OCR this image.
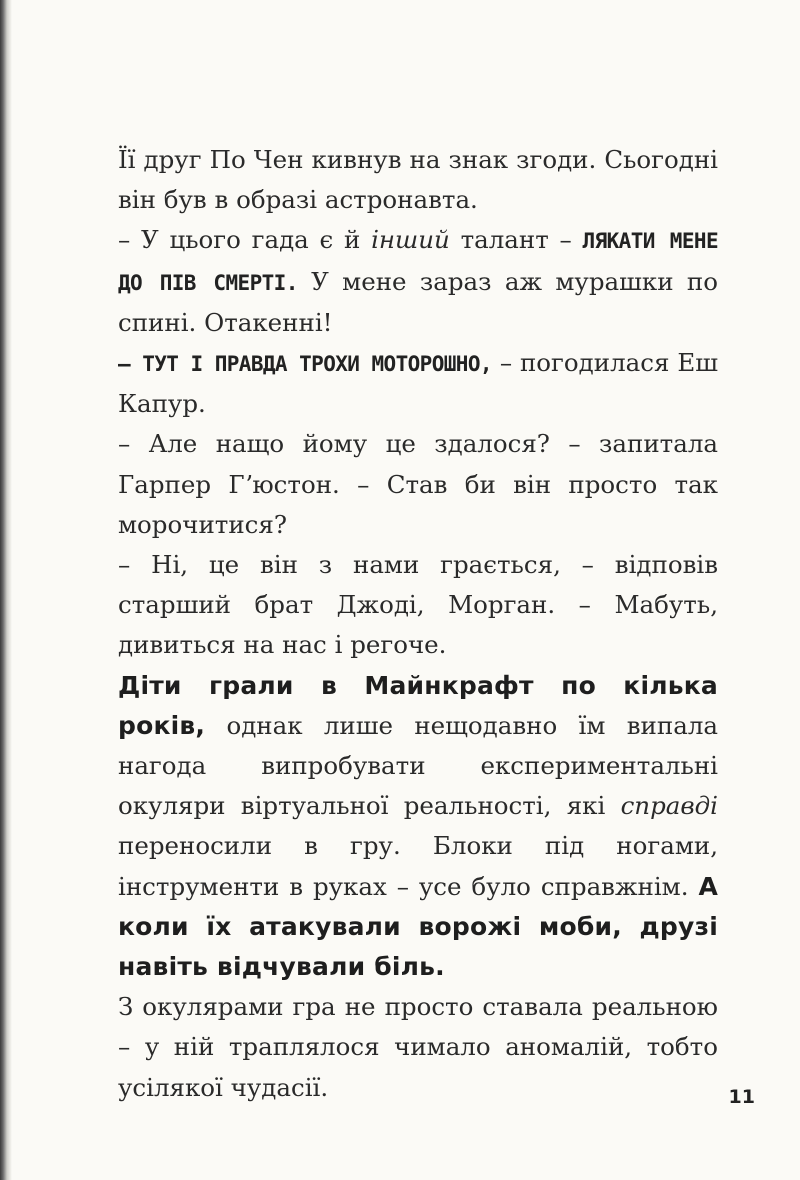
Її друг По Чен кивнув на знак згоди. Сьогодні він був в образі астронавта.

– У цього гада є й інший талант – ЛЯКАТИ МЕНЕ ДО ПІВ СМЕРТІ. У мене зараз аж мурашки по спині. Отакенні!

– ТУТ І ПРАВДА ТРОХИ МОТОРОШНО, – погодилася Еш Капур.

– Але нащо йому це здалося? – запитала Гарпер Гʼюстон. – Став би він просто так морочитися?

– Ні, це він з нами грається, – відповів старший брат Джоді, Морган. – Мабуть, дивиться на нас і регоче.

Діти грали в Майнкрафт по кілька років, однак лише нещодавно їм випала нагода випробувати експериментальні окуляри віртуальної реальності, які справді переносили в гру. Блоки під ногами, інструменти в руках – усе було справжнім. А коли їх атакували ворожі моби, друзі навіть відчували біль.

З окулярами гра не просто ставала реальною – у ній траплялося чимало аномалій, тобто усілякої чудасії.	11
